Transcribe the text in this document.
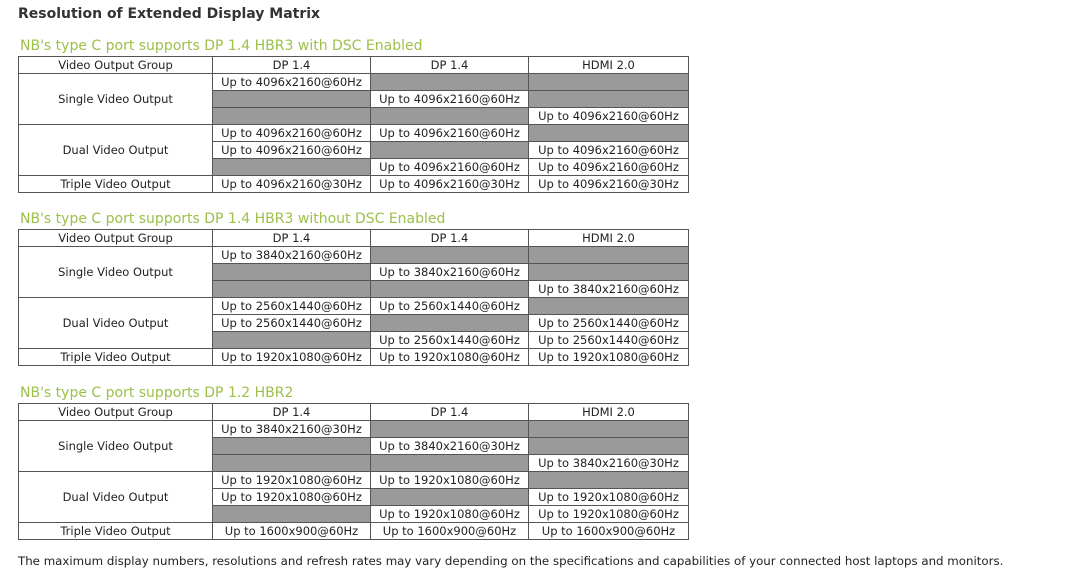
Resolution of Extended Display Matrix
NB's type C port supports DP 1.4 HBR3 with DSC Enabled
Video Output Group	DP 1.4	DP 1.4	HDMI 2.0
Single Video Output	Up to 4096x2160@60Hz		
		Up to 4096x2160@60Hz	
			Up to 4096x2160@60Hz
Dual Video Output	Up to 4096x2160@60Hz	Up to 4096x2160@60Hz	
	Up to 4096x2160@60Hz		Up to 4096x2160@60Hz
		Up to 4096x2160@60Hz	Up to 4096x2160@60Hz
Triple Video Output	Up to 4096x2160@30Hz	Up to 4096x2160@30Hz	Up to 4096x2160@30Hz
NB's type C port supports DP 1.4 HBR3 without DSC Enabled
Video Output Group	DP 1.4	DP 1.4	HDMI 2.0
Single Video Output	Up to 3840x2160@60Hz		
		Up to 3840x2160@60Hz	
			Up to 3840x2160@60Hz
Dual Video Output	Up to 2560x1440@60Hz	Up to 2560x1440@60Hz	
	Up to 2560x1440@60Hz		Up to 2560x1440@60Hz
		Up to 2560x1440@60Hz	Up to 2560x1440@60Hz
Triple Video Output	Up to 1920x1080@60Hz	Up to 1920x1080@60Hz	Up to 1920x1080@60Hz
NB's type C port supports DP 1.2 HBR2
Video Output Group	DP 1.4	DP 1.4	HDMI 2.0
Single Video Output	Up to 3840x2160@30Hz		
		Up to 3840x2160@30Hz	
			Up to 3840x2160@30Hz
Dual Video Output	Up to 1920x1080@60Hz	Up to 1920x1080@60Hz	
	Up to 1920x1080@60Hz		Up to 1920x1080@60Hz
		Up to 1920x1080@60Hz	Up to 1920x1080@60Hz
Triple Video Output	Up to 1600x900@60Hz	Up to 1600x900@60Hz	Up to 1600x900@60Hz
The maximum display numbers, resolutions and refresh rates may vary depending on the specifications and capabilities of your connected host laptops and monitors.
